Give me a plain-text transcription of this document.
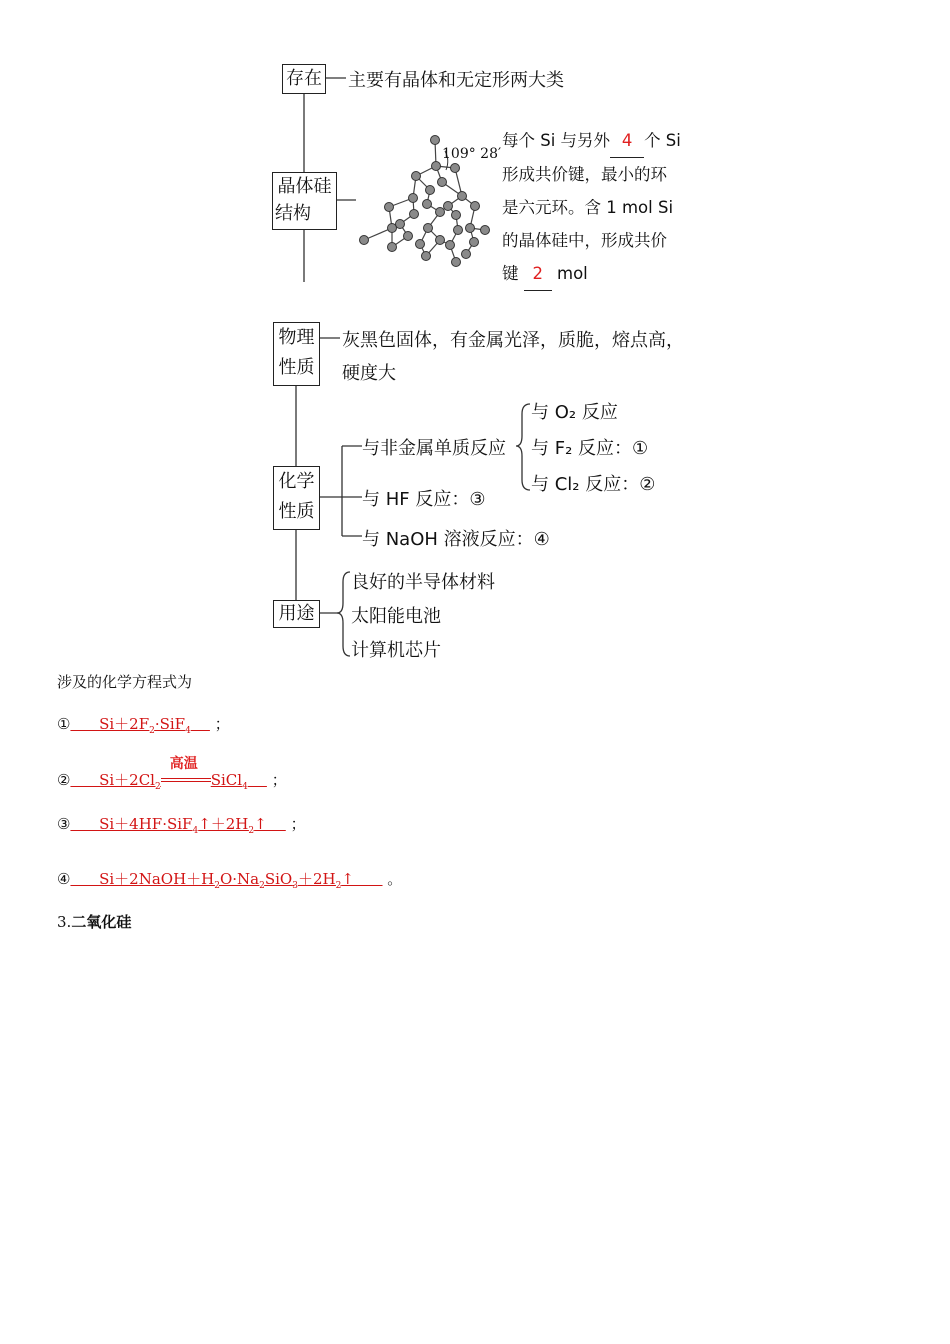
存在 主要有晶体和无定形两大类
晶体硅
结构
109° 28′
每个 Si 与另外 4 个 Si
形成共价键，最小的环
是六元环。含 1 mol Si
的晶体硅中，形成共价
键 2 mol
物理
性质
灰黑色固体，有金属光泽，质脆，熔点高，
硬度大
化学
性质
与非金属单质反应
与 O₂ 反应
与 F₂ 反应：①
与 Cl₂ 反应：②
与 HF 反应：③
与 NaOH 溶液反应：④
用途
良好的半导体材料
太阳能电池
计算机芯片
涉及的化学方程式为
①   $Si+2F_2\cdot SiF_4$   ；
②   $Si+2Cl_2$
高温
SiCl$_4$   ；
③   $Si+4HF\cdot SiF_4↑+2H_2↑$   ；
④   $Si+2NaOH+H_2O\cdot Na_2SiO_3+2H_2↑$    。
3.二氧化硅
